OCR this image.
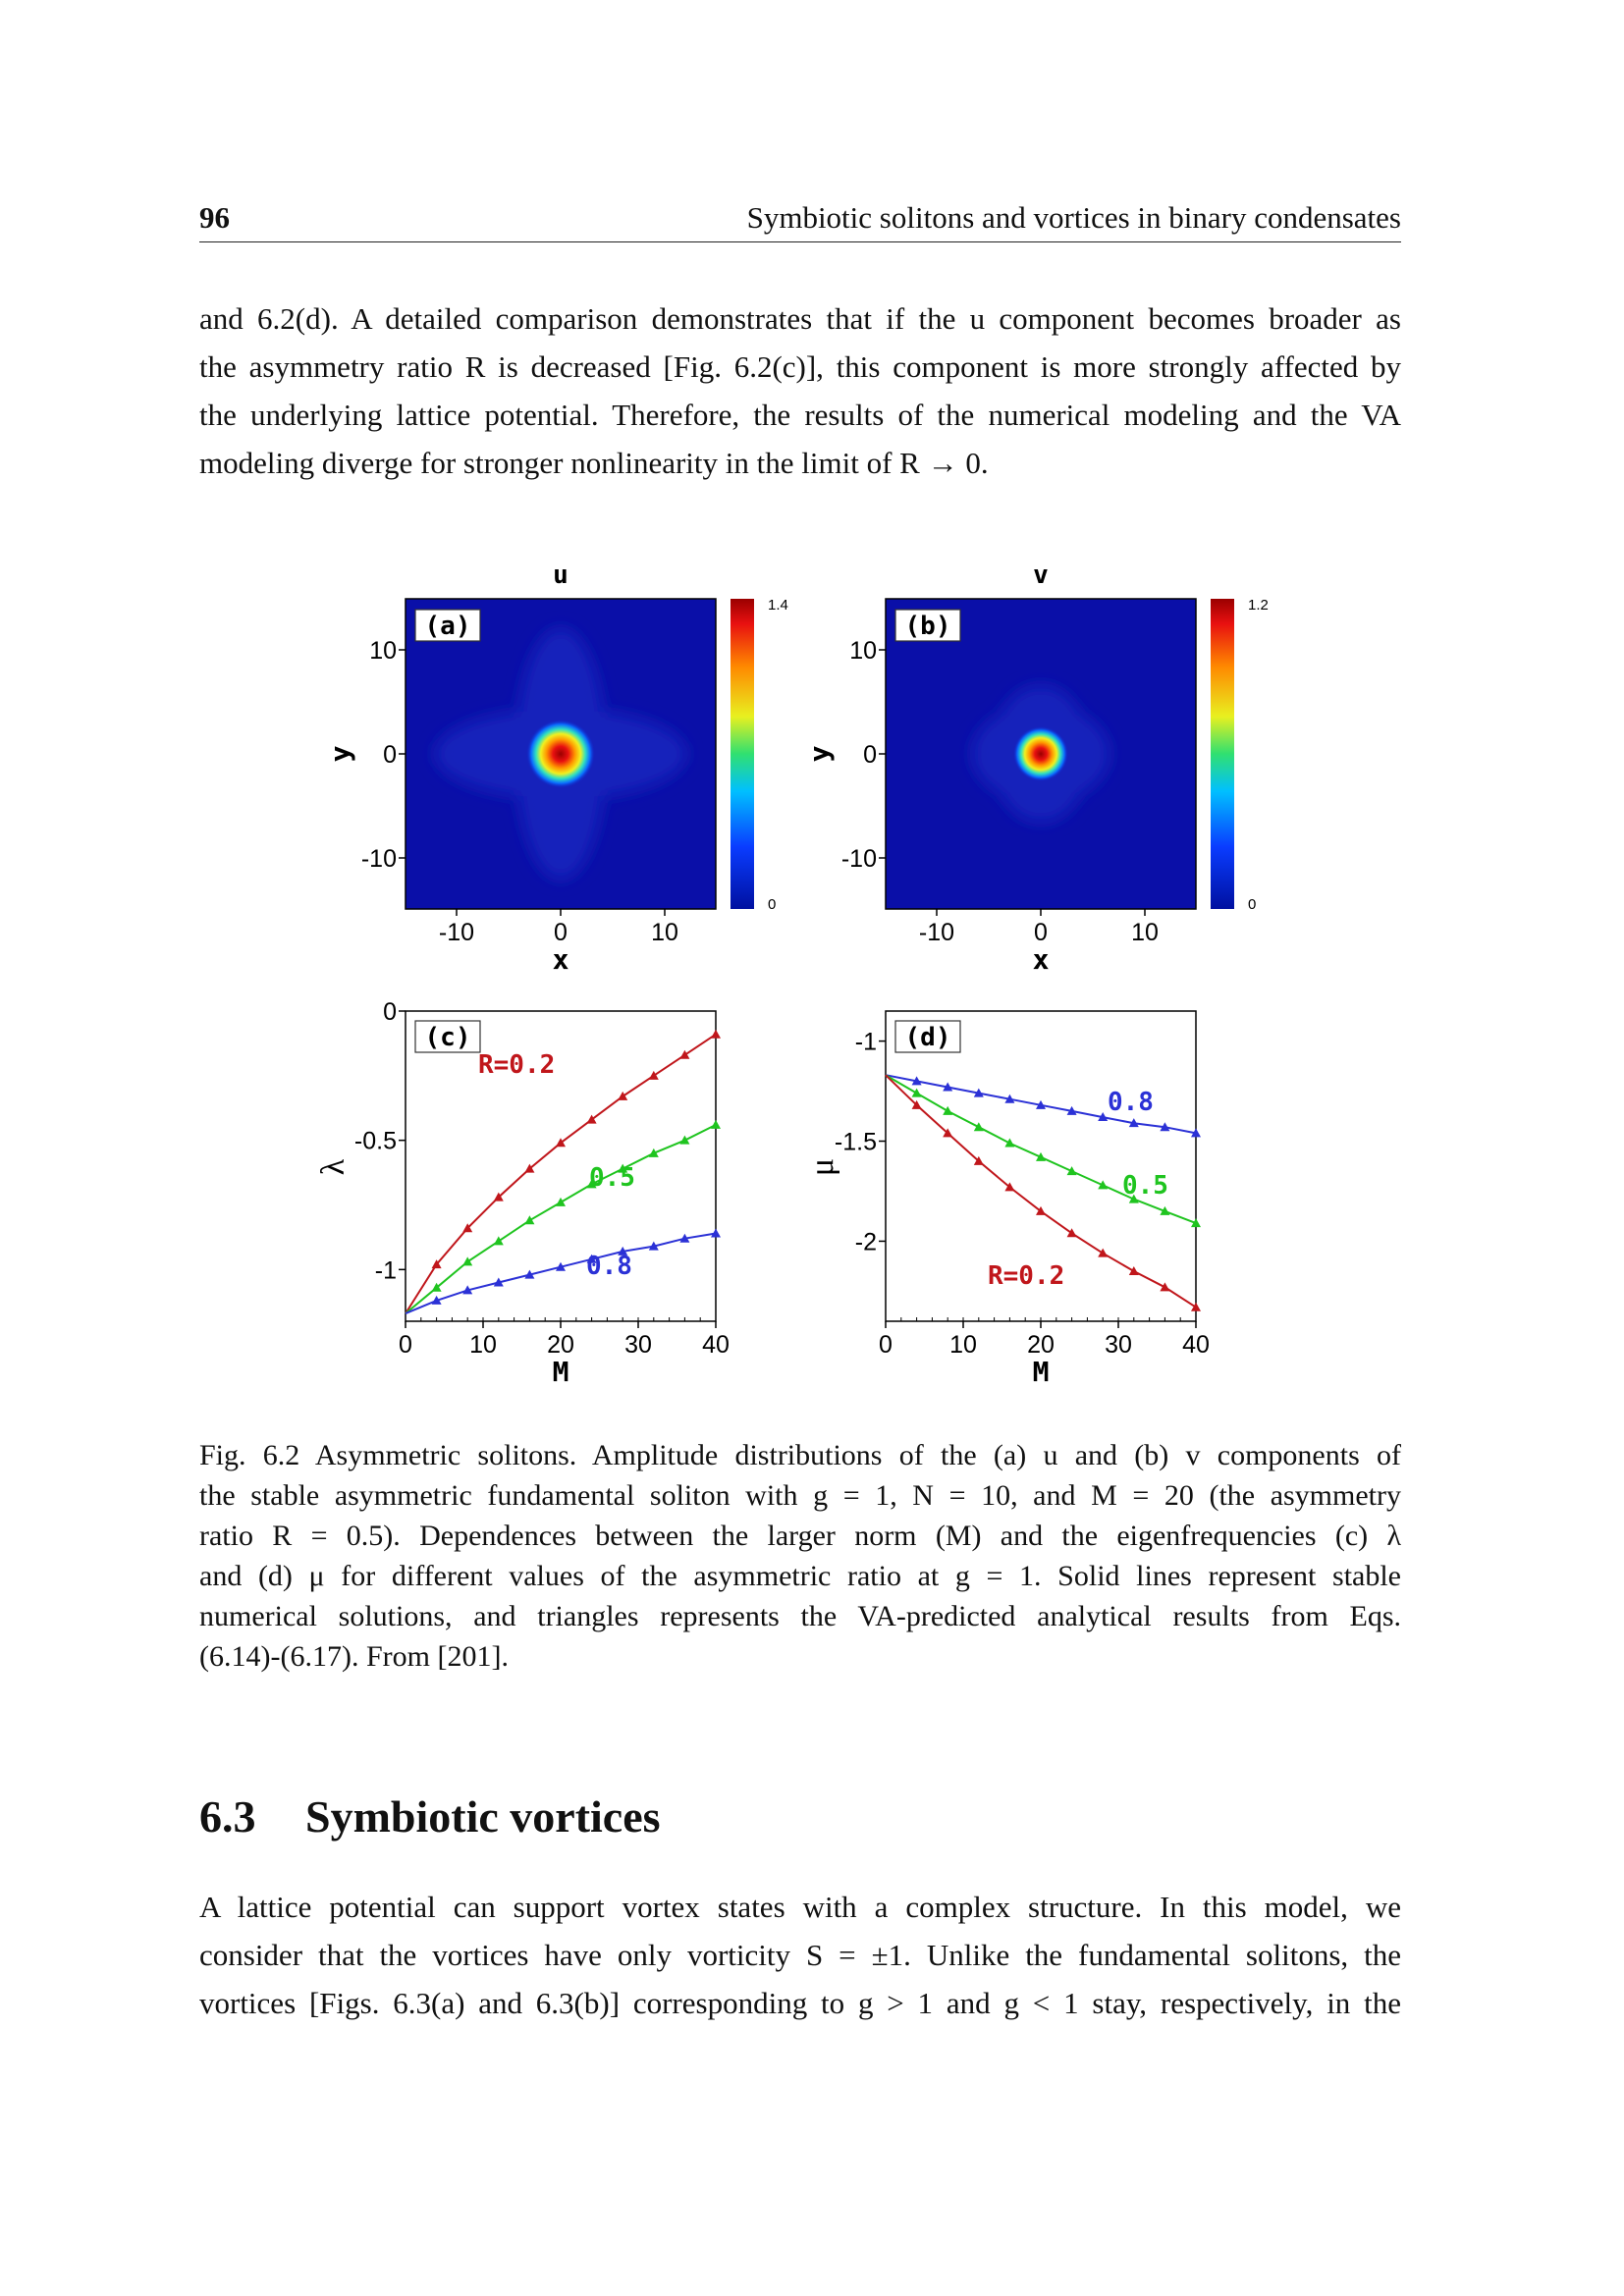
96	Symbiotic solitons and vortices in binary condensates
and 6.2(d). A detailed comparison demonstrates that if the u component becomes broader as
the asymmetry ratio R is decreased [Fig. 6.2(c)], this component is more strongly affected by
the underlying lattice potential. Therefore, the results of the numerical modeling and the VA
modeling diverge for stronger nonlinearity in the limit of R → 0.
u
(a)
10
0
-10
-10	0	10
x
y
1.4
0
v
(b)
10
0
-10
-10	0	10
x
y
1.2
0
(c)
R=0.2
0.5
0.8
0 10 20 30 40
0
-0.5
-1
M
λ
(d)
0.8
0.5
R=0.2
0 10 20 30 40
-1
-1.5
-2
M
μ
Fig. 6.2 Asymmetric solitons. Amplitude distributions of the (a) u and (b) v components of
the stable asymmetric fundamental soliton with g = 1, N = 10, and M = 20 (the asymmetry
ratio R = 0.5). Dependences between the larger norm (M) and the eigenfrequencies (c) λ
and (d) μ for different values of the asymmetric ratio at g = 1. Solid lines represent stable
numerical solutions, and triangles represents the VA-predicted analytical results from Eqs.
(6.14)-(6.17). From [201].
6.3 Symbiotic vortices
A lattice potential can support vortex states with a complex structure. In this model, we
consider that the vortices have only vorticity S = ±1. Unlike the fundamental solitons, the
vortices [Figs. 6.3(a) and 6.3(b)] corresponding to g > 1 and g < 1 stay, respectively, in the
